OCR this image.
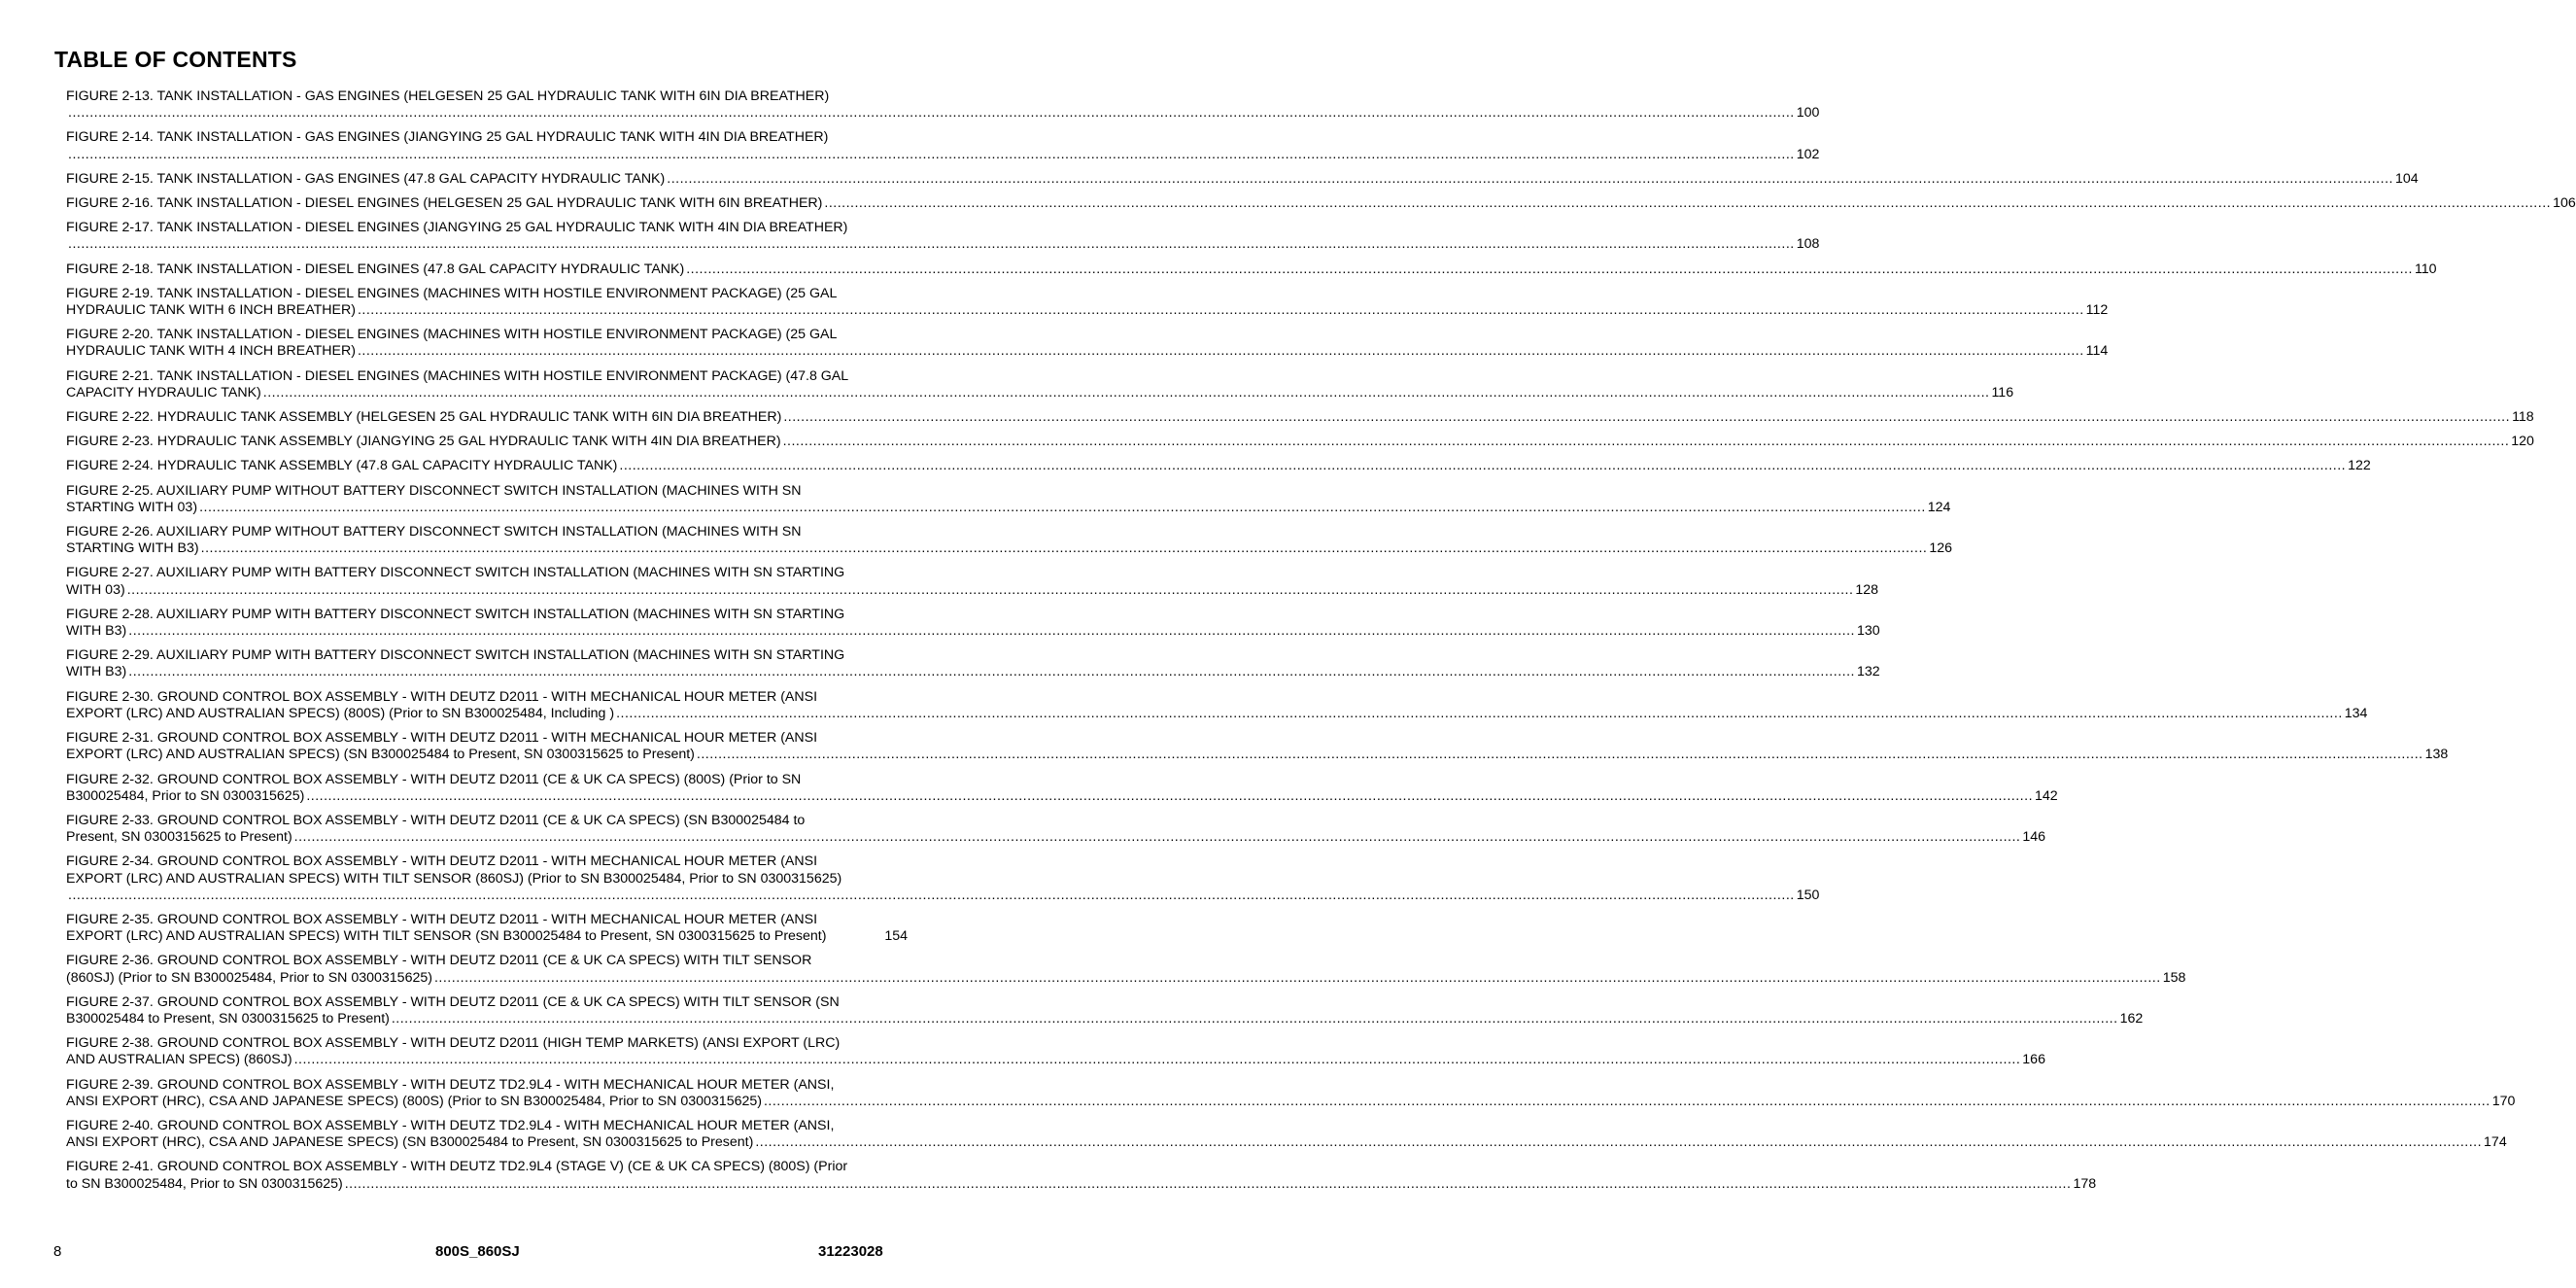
TABLE OF CONTENTS
FIGURE 2-13. TANK INSTALLATION - GAS ENGINES (HELGESEN 25 GAL HYDRAULIC TANK WITH 6IN DIA BREATHER)
................................................................................................................................................................................................................................................................................................................................................................................................................ 100
FIGURE 2-14. TANK INSTALLATION - GAS ENGINES (JIANGYING 25 GAL HYDRAULIC TANK WITH 4IN DIA BREATHER)
................................................................................................................................................................................................................................................................................................................................................................................................................ 102
FIGURE 2-15. TANK INSTALLATION - GAS ENGINES (47.8 GAL CAPACITY HYDRAULIC TANK) ................................................................................................................................................................................................................................................................................................................................................................................................................ 104
FIGURE 2-16. TANK INSTALLATION - DIESEL ENGINES (HELGESEN 25 GAL HYDRAULIC TANK WITH 6IN BREATHER) ................................................................................................................................................................................................................................................................................................................................................................................................................ 106
FIGURE 2-17. TANK INSTALLATION - DIESEL ENGINES (JIANGYING 25 GAL HYDRAULIC TANK WITH 4IN DIA BREATHER)
................................................................................................................................................................................................................................................................................................................................................................................................................ 108
FIGURE 2-18. TANK INSTALLATION - DIESEL ENGINES (47.8 GAL CAPACITY HYDRAULIC TANK) ................................................................................................................................................................................................................................................................................................................................................................................................................ 110
FIGURE 2-19. TANK INSTALLATION - DIESEL ENGINES (MACHINES WITH HOSTILE ENVIRONMENT PACKAGE) (25 GAL
HYDRAULIC TANK WITH 6 INCH BREATHER) ................................................................................................................................................................................................................................................................................................................................................................................................................ 112
FIGURE 2-20. TANK INSTALLATION - DIESEL ENGINES (MACHINES WITH HOSTILE ENVIRONMENT PACKAGE) (25 GAL
HYDRAULIC TANK WITH 4 INCH BREATHER) ................................................................................................................................................................................................................................................................................................................................................................................................................ 114
FIGURE 2-21. TANK INSTALLATION - DIESEL ENGINES (MACHINES WITH HOSTILE ENVIRONMENT PACKAGE) (47.8 GAL
CAPACITY HYDRAULIC TANK) ................................................................................................................................................................................................................................................................................................................................................................................................................ 116
FIGURE 2-22. HYDRAULIC TANK ASSEMBLY (HELGESEN 25 GAL HYDRAULIC TANK WITH 6IN DIA BREATHER) ................................................................................................................................................................................................................................................................................................................................................................................................................ 118
FIGURE 2-23. HYDRAULIC TANK ASSEMBLY (JIANGYING 25 GAL HYDRAULIC TANK WITH 4IN DIA BREATHER) ................................................................................................................................................................................................................................................................................................................................................................................................................ 120
FIGURE 2-24. HYDRAULIC TANK ASSEMBLY (47.8 GAL CAPACITY HYDRAULIC TANK) ................................................................................................................................................................................................................................................................................................................................................................................................................ 122
FIGURE 2-25. AUXILIARY PUMP WITHOUT BATTERY DISCONNECT SWITCH INSTALLATION (MACHINES WITH SN
STARTING WITH 03) ................................................................................................................................................................................................................................................................................................................................................................................................................ 124
FIGURE 2-26. AUXILIARY PUMP WITHOUT BATTERY DISCONNECT SWITCH INSTALLATION (MACHINES WITH SN
STARTING WITH B3) ................................................................................................................................................................................................................................................................................................................................................................................................................ 126
FIGURE 2-27. AUXILIARY PUMP WITH BATTERY DISCONNECT SWITCH INSTALLATION (MACHINES WITH SN STARTING
WITH 03) ................................................................................................................................................................................................................................................................................................................................................................................................................ 128
FIGURE 2-28. AUXILIARY PUMP WITH BATTERY DISCONNECT SWITCH INSTALLATION (MACHINES WITH SN STARTING
WITH B3) ................................................................................................................................................................................................................................................................................................................................................................................................................ 130
FIGURE 2-29. AUXILIARY PUMP WITH BATTERY DISCONNECT SWITCH INSTALLATION (MACHINES WITH SN STARTING
WITH B3) ................................................................................................................................................................................................................................................................................................................................................................................................................ 132
FIGURE 2-30. GROUND CONTROL BOX ASSEMBLY - WITH DEUTZ D2011 - WITH MECHANICAL HOUR METER (ANSI
EXPORT (LRC) AND AUSTRALIAN SPECS) (800S) (Prior to SN B300025484, Including ) ................................................................................................................................................................................................................................................................................................................................................................................................................ 134
FIGURE 2-31. GROUND CONTROL BOX ASSEMBLY - WITH DEUTZ D2011 - WITH MECHANICAL HOUR METER (ANSI
EXPORT (LRC) AND AUSTRALIAN SPECS) (SN B300025484 to Present, SN 0300315625 to Present) ................................................................................................................................................................................................................................................................................................................................................................................................................ 138
FIGURE 2-32. GROUND CONTROL BOX ASSEMBLY - WITH DEUTZ D2011 (CE & UK CA SPECS) (800S) (Prior to SN
B300025484, Prior to SN 0300315625) ................................................................................................................................................................................................................................................................................................................................................................................................................ 142
FIGURE 2-33. GROUND CONTROL BOX ASSEMBLY - WITH DEUTZ D2011 (CE & UK CA SPECS) (SN B300025484 to
Present, SN 0300315625 to Present) ................................................................................................................................................................................................................................................................................................................................................................................................................ 146
FIGURE 2-34. GROUND CONTROL BOX ASSEMBLY - WITH DEUTZ D2011 - WITH MECHANICAL HOUR METER (ANSI
EXPORT (LRC) AND AUSTRALIAN SPECS) WITH TILT SENSOR (860SJ) (Prior to SN B300025484, Prior to SN 0300315625)
................................................................................................................................................................................................................................................................................................................................................................................................................ 150
FIGURE 2-35. GROUND CONTROL BOX ASSEMBLY - WITH DEUTZ D2011 - WITH MECHANICAL HOUR METER (ANSI
EXPORT (LRC) AND AUSTRALIAN SPECS) WITH TILT SENSOR (SN B300025484 to Present, SN 0300315625 to Present)	154
FIGURE 2-36. GROUND CONTROL BOX ASSEMBLY - WITH DEUTZ D2011 (CE & UK CA SPECS) WITH TILT SENSOR
(860SJ) (Prior to SN B300025484, Prior to SN 0300315625) ................................................................................................................................................................................................................................................................................................................................................................................................................ 158
FIGURE 2-37. GROUND CONTROL BOX ASSEMBLY - WITH DEUTZ D2011 (CE & UK CA SPECS) WITH TILT SENSOR (SN
B300025484 to Present, SN 0300315625 to Present) ................................................................................................................................................................................................................................................................................................................................................................................................................ 162
FIGURE 2-38. GROUND CONTROL BOX ASSEMBLY - WITH DEUTZ D2011 (HIGH TEMP MARKETS) (ANSI EXPORT (LRC)
AND AUSTRALIAN SPECS) (860SJ) ................................................................................................................................................................................................................................................................................................................................................................................................................ 166
FIGURE 2-39. GROUND CONTROL BOX ASSEMBLY - WITH DEUTZ TD2.9L4 - WITH MECHANICAL HOUR METER (ANSI,
ANSI EXPORT (HRC), CSA AND JAPANESE SPECS) (800S) (Prior to SN B300025484, Prior to SN 0300315625) ................................................................................................................................................................................................................................................................................................................................................................................................................ 170
FIGURE 2-40. GROUND CONTROL BOX ASSEMBLY - WITH DEUTZ TD2.9L4 - WITH MECHANICAL HOUR METER (ANSI,
ANSI EXPORT (HRC), CSA AND JAPANESE SPECS) (SN B300025484 to Present, SN 0300315625 to Present) ................................................................................................................................................................................................................................................................................................................................................................................................................ 174
FIGURE 2-41. GROUND CONTROL BOX ASSEMBLY - WITH DEUTZ TD2.9L4 (STAGE V) (CE & UK CA SPECS) (800S) (Prior
to SN B300025484, Prior to SN 0300315625) ................................................................................................................................................................................................................................................................................................................................................................................................................ 178
8	800S_860SJ	31223028
